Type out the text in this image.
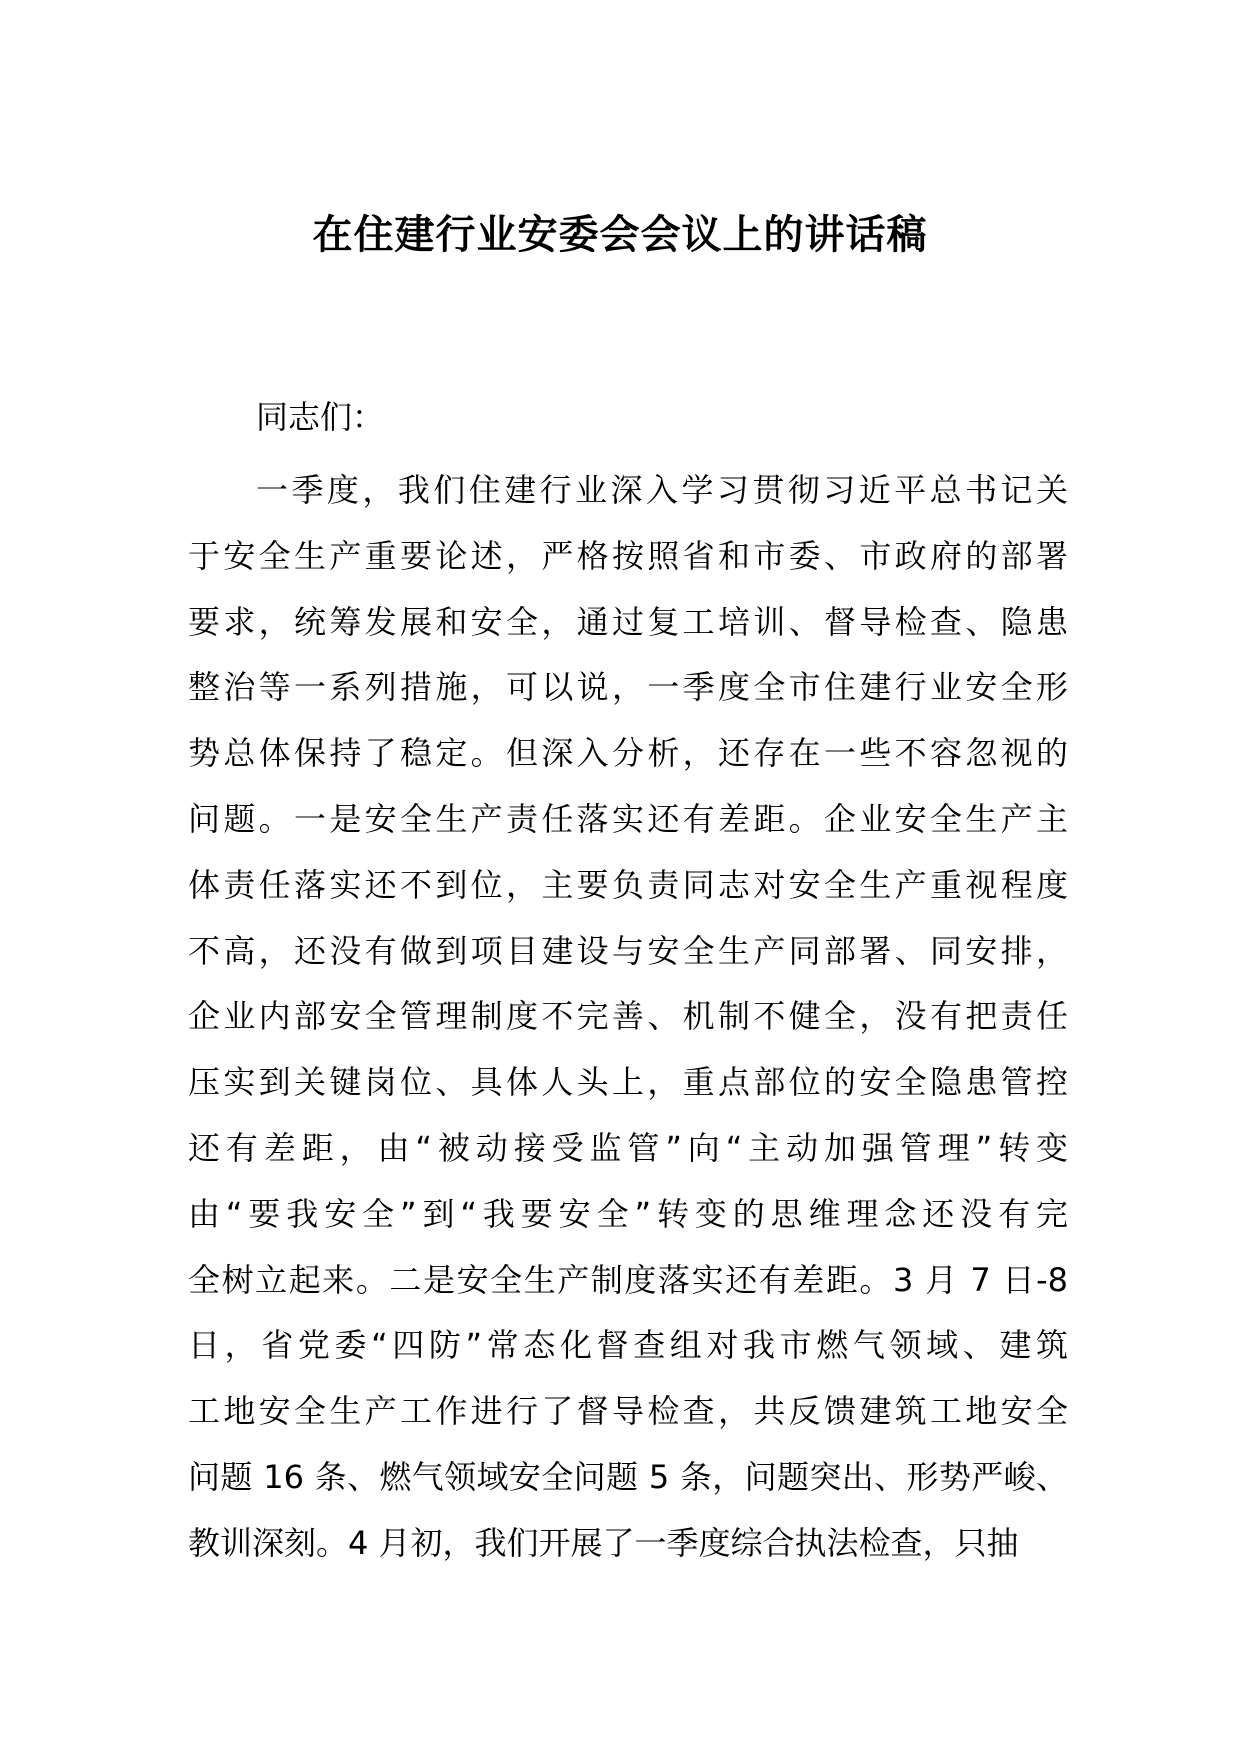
在住建行业安委会会议上的讲话稿

同志们：

一季度，我们住建行业深入学习贯彻习近平总书记关
于安全生产重要论述，严格按照省和市委、市政府的部署
要求，统筹发展和安全，通过复工培训、督导检查、隐患
整治等一系列措施，可以说，一季度全市住建行业安全形
势总体保持了稳定。但深入分析，还存在一些不容忽视的
问题。一是安全生产责任落实还有差距。企业安全生产主
体责任落实还不到位，主要负责同志对安全生产重视程度
不高，还没有做到项目建设与安全生产同部署、同安排，
企业内部安全管理制度不完善、机制不健全，没有把责任
压实到关键岗位、具体人头上，重点部位的安全隐患管控
还有差距，由“被动接受监管”向“主动加强管理”转变
由“要我安全”到“我要安全”转变的思维理念还没有完
全树立起来。二是安全生产制度落实还有差距。3 月 7 日-8
日，省党委“四防”常态化督查组对我市燃气领域、建筑
工地安全生产工作进行了督导检查，共反馈建筑工地安全
问题 16 条、燃气领域安全问题 5 条，问题突出、形势严峻、
教训深刻。4 月初，我们开展了一季度综合执法检查，只抽
